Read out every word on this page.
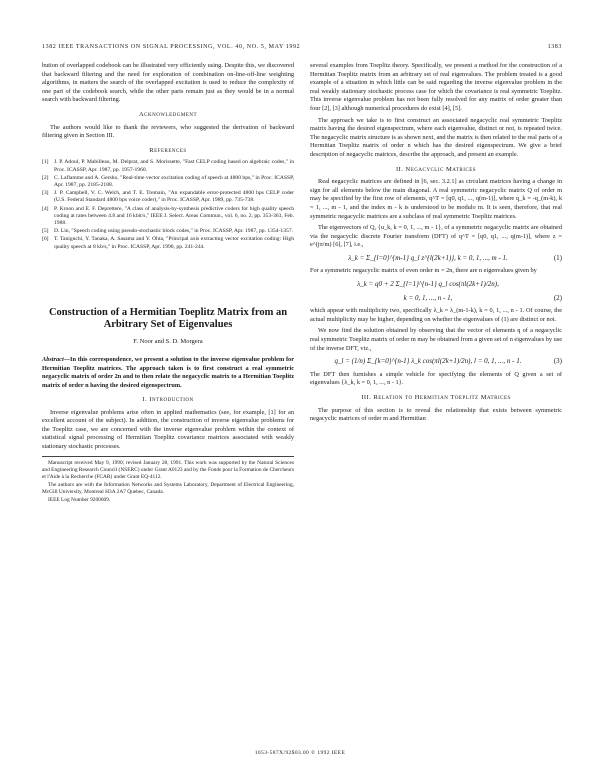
1382 IEEE TRANSACTIONS ON SIGNAL PROCESSING, VOL. 40, NO. 5, MAY 1992	1383

bution of overlapped codebook can be illustrated very efficiently using. Despite this, we discovered that backward filtering and the need for exploration of combination on-line-off-line weighting algorithms, in matters the search of the overlapped excitation is used to reduce the complexity of one part of the codebook search, while the other parts remain just as they would be in a normal search with backward filtering.

Acknowledgment

The authors would like to thank the reviewers, who suggested the derivation of backward filtering given in Section III.

References
[1] J. P. Adoul, P. Mabilleau, M. Delprat, and S. Morissette, "Fast CELP coding based on algebraic codes," in Proc. ICASSP, Apr. 1987, pp. 1957-1960.
[2] C. Laflamme and A. Gersho, "Real-time vector excitation coding of speech at 4800 bps," in Proc. ICASSP, Apr. 1987, pp. 2185-2188.
[3] J. P. Campbell, V. C. Welch, and T. E. Tremain, "An expandable error-protected 4800 bps CELP coder (U.S. Federal Standard 4800 bps voice coder)," in Proc. ICASSP, Apr. 1989, pp. 735-738.
[4] P. Kroon and E. F. Deprettere, "A class of analysis-by-synthesis predictive coders for high quality speech coding at rates between 4.8 and 16 kbit/s," IEEE J. Select. Areas Commun., vol. 6, no. 2, pp. 353-363, Feb. 1988.
[5] D. Lin, "Speech coding using pseudo-stochastic block codes," in Proc. ICASSP, Apr. 1987, pp. 1354-1357.
[6] T. Taniguchi, Y. Tanaka, A. Sasama and Y. Ohta, "Principal axis extracting vector excitation coding: High quality speech at 8 kb/s," in Proc. ICASSP, Apr. 1990, pp. 241-244.
Construction of a Hermitian Toeplitz Matrix from an Arbitrary Set of Eigenvalues
F. Noor and S. D. Morgera
Abstract—In this correspondence, we present a solution to the inverse eigenvalue problem for Hermitian Toeplitz matrices. The approach taken is to first construct a real symmetric negacyclic matrix of order 2n and to then relate the negacyclic matrix to a Hermitian Toeplitz matrix of order n having the desired eigenspectrum.
I. Introduction

Inverse eigenvalue problems arise often in applied mathematics (see, for example, [1] for an excellent account of the subject). In addition, the construction of inverse eigenvalue problems for the Toeplitz case, we are concerned with the inverse eigenvalue problem within the context of statistical signal processing of Hermitian Toeplitz covariance matrices associated with weakly stationary stochastic processes.

Manuscript received May 9, 1990; revised January 28, 1991. This work was supported by the Natural Sciences and Engineering Research Council (NSERC) under Grant A0123 and by the Fonds pour la Formation de Chercheurs et l'Aide à la Recherche (FCAR) under Grant EQ-4112.

The authors are with the Information Networks and Systems Laboratory, Department of Electrical Engineering, McGill University, Montreal H3A 2A7 Quebec, Canada.

IEEE Log Number 9200609.

several examples from Toeplitz theory. Specifically, we present a method for the construction of a Hermitian Toeplitz matrix from an arbitrary set of real eigenvalues. The problem treated is a good example of a situation in which little can be said regarding the inverse eigenvalue problem in the real weakly stationary stochastic process case for which the covariance is real symmetric Toeplitz. This inverse eigenvalue problem has not been fully resolved for any matrix of order greater than four [2], [3] although numerical procedures do exist [4], [5].

The approach we take is to first construct an associated negacyclic real symmetric Toeplitz matrix having the desired eigenspectrum, where each eigenvalue, distinct or not, is repeated twice. The negacyclic matrix structure is as shown next, and the matrix is then related to the real parts of a Hermitian Toeplitz matrix of order n which has the desired eigenspectrum. We give a brief description of negacyclic matrices, describe the approach, and present an example.

II. Negacyclic Matrices

Real negacyclic matrices are defined in [6, sec. 3.2.1] as circulant matrices having a change in sign for all elements below the main diagonal. A real symmetric negacyclic matrix Q of order m may be specified by the first row of elements, q^T = [q0, q1, ..., q(m-1)], where q_k = -q_(m-k), k = 1, ..., m - 1, and the index m - k is understood to be modulo m. It is seen, therefore, that real symmetric negacyclic matrices are a subclass of real symmetric Toeplitz matrices.

The eigenvectors of Q, {u_k, k = 0, 1, ..., m - 1}, of a symmetric negacyclic matrix are obtained via the negacyclic discrete Fourier transform (DFT) of q^T = [q0, q1, ..., q(m-1)], where z = e^(jπ/m) [6], [7], i.e.,

λ_k = Σ_{l=0}^{m-1} q_l z^{l(2k+1)}, k = 0, 1, ..., m - 1.	(1)

For a symmetric negacyclic matrix of even order m = 2n, there are n eigenvalues given by

λ_k = q0 + 2 Σ_{l=1}^{n-1} q_l cos(πl(2k+1)/2n),
k = 0, 1, ..., n - 1,	(2)

which appear with multiplicity two, specifically λ_k = λ_(m-1-k), k = 0, 1, ..., n - 1. Of course, the actual multiplicity may be higher, depending on whether the eigenvalues of (1) are distinct or not.

We now find the solution obtained by observing that the vector of elements q of a negacyclic real symmetric Toeplitz matrix of order m may be obtained from a given set of n eigenvalues by use of the inverse DFT, viz.,

q_l = (1/n) Σ_{k=0}^{n-1} λ_k cos(πl(2k+1)/2n), l = 0, 1, ..., n - 1.	(3)

The DFT then furnishes a simple vehicle for specifying the elements of Q given a set of eigenvalues {λ_k, k = 0, 1, ..., n - 1}.

III. Relation to Hermitian Toeplitz Matrices

The purpose of this section is to reveal the relationship that exists between symmetric negacyclic matrices of order m and Hermitian

1053-587X/92$03.00 © 1992 IEEE
